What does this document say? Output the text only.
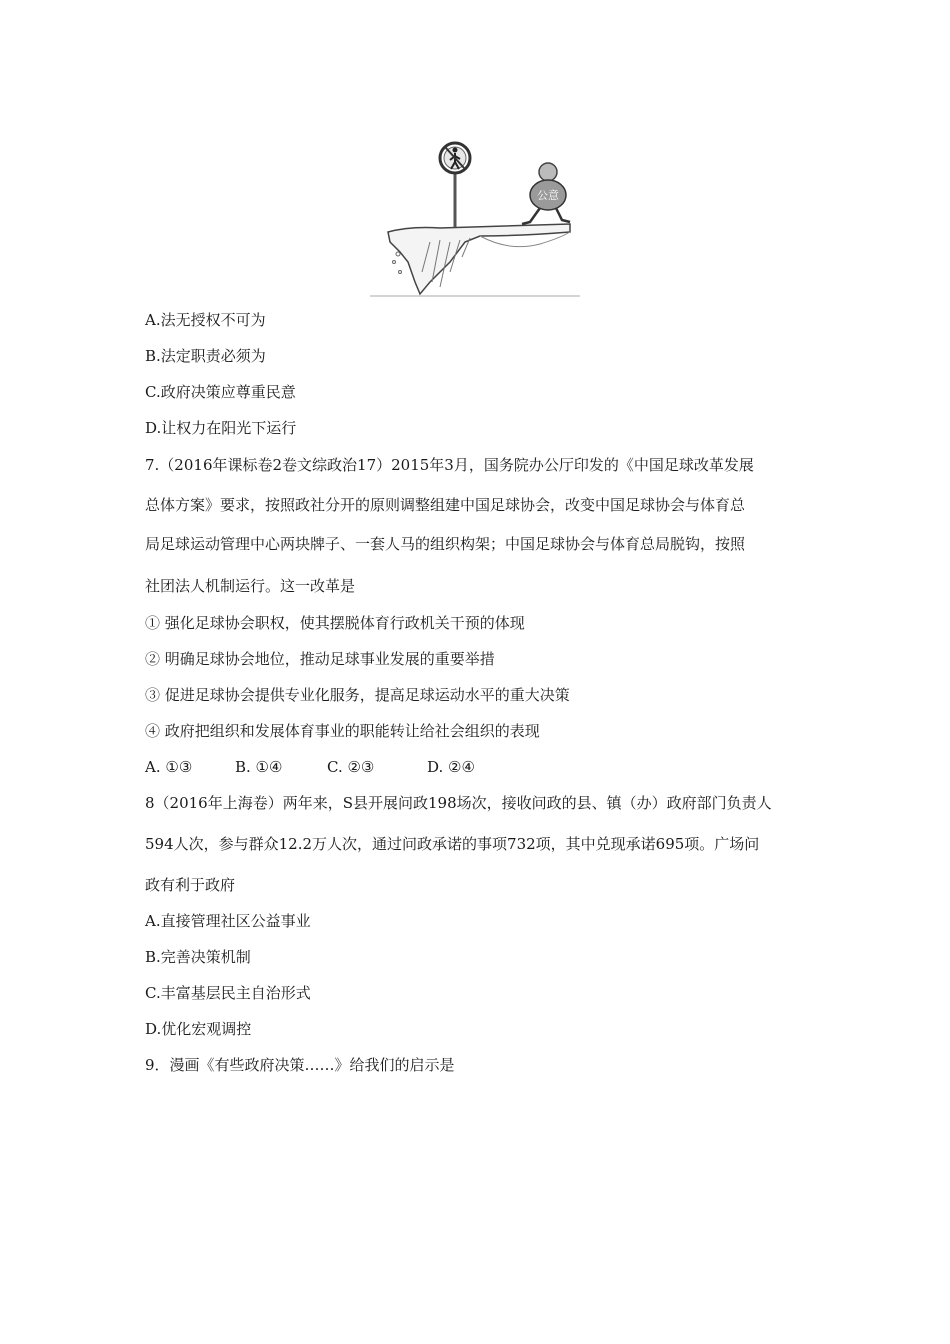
公意
A.法无授权不可为
B.法定职责必须为
C.政府决策应尊重民意
D.让权力在阳光下运行
7.（2016年课标卷2卷文综政治17）2015年3月，国务院办公厅印发的《中国足球改革发展
总体方案》要求，按照政社分开的原则调整组建中国足球协会，改变中国足球协会与体育总
局足球运动管理中心两块牌子、一套人马的组织构架；中国足球协会与体育总局脱钩，按照
社团法人机制运行。这一改革是
① 强化足球协会职权，使其摆脱体育行政机关干预的体现
② 明确足球协会地位，推动足球事业发展的重要举措
③ 促进足球协会提供专业化服务，提高足球运动水平的重大决策
④ 政府把组织和发展体育事业的职能转让给社会组织的表现
A. ①③	B. ①④	C. ②③	D. ②④
8（2016年上海卷）两年来，S县开展问政198场次，接收问政的县、镇（办）政府部门负责人
594人次，参与群众12.2万人次，通过问政承诺的事项732项，其中兑现承诺695项。广场问
政有利于政府
A.直接管理社区公益事业
B.完善决策机制
C.丰富基层民主自治形式
D.优化宏观调控
9．漫画《有些政府决策……》给我们的启示是
